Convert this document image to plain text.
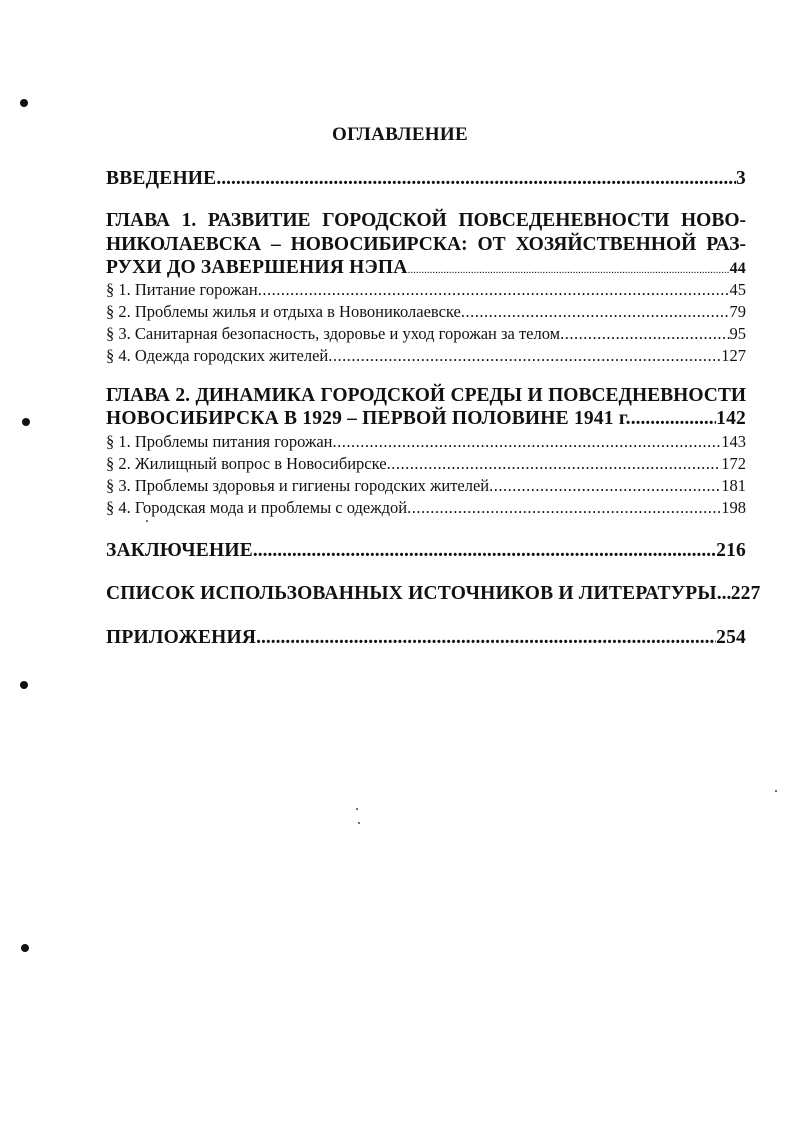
ОГЛАВЛЕНИЕ
ВВЕДЕНИЕ .....	3
ГЛАВА 1. РАЗВИТИЕ ГОРОДСКОЙ ПОВСЕДЕНЕВНОСТИ НОВО-
НИКОЛАЕВСКА – НОВОСИБИРСКА: ОТ ХОЗЯЙСТВЕННОЙ РАЗ-
РУХИ ДО ЗАВЕРШЕНИЯ НЭПА .....	44
§ 1. Питание горожан .....	45
§ 2. Проблемы жилья и отдыха в Новониколаевске .....	79
§ 3. Санитарная безопасность, здоровье и уход горожан за телом .....	95
§ 4. Одежда городских жителей .....	127
ГЛАВА 2. ДИНАМИКА ГОРОДСКОЙ СРЕДЫ И ПОВСЕДНЕВНОСТИ
НОВОСИБИРСКА В 1929 – ПЕРВОЙ ПОЛОВИНЕ 1941 г. .....	142
§ 1. Проблемы питания горожан .....	143
§ 2. Жилищный вопрос в Новосибирске .....	172
§ 3. Проблемы здоровья и гигиены городских жителей .....	181
§ 4. Городская мода и проблемы с одеждой .....	198
ЗАКЛЮЧЕНИЕ .....	216
СПИСОК ИСПОЛЬЗОВАННЫХ ИСТОЧНИКОВ И ЛИТЕРАТУРЫ ..... 227
ПРИЛОЖЕНИЯ .....	254
